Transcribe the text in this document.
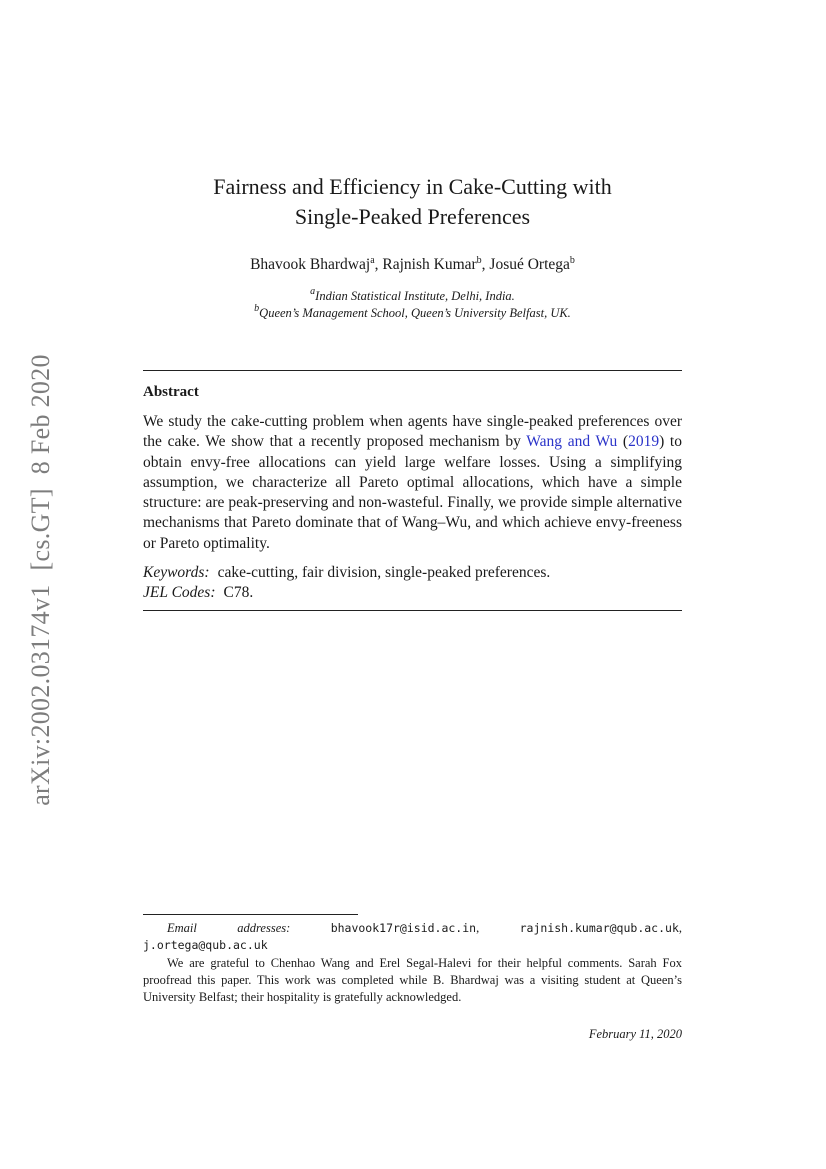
arXiv:2002.03174v1[cs.GT]8 Feb 2020
Fairness and Efficiency in Cake-Cutting with
Single-Peaked Preferences
Bhavook Bhardwaj$^a$, Rajnish Kumar$^b$, Josué Ortega$^b$
$^a$Indian Statistical Institute, Delhi, India.
$^b$Queen’s Management School, Queen’s University Belfast, UK.
Abstract
We study the cake-cutting problem when agents have single-peaked preferences over the cake. We show that a recently proposed mechanism by Wang and Wu (2019) to obtain envy-free allocations can yield large welfare losses. Using a simplifying assumption, we characterize all Pareto optimal allocations, which have a simple structure: are peak-preserving and non-wasteful. Finally, we provide simple alternative mechanisms that Pareto dominate that of Wang–Wu, and which achieve envy-freeness or Pareto optimality.
Keywords: cake-cutting, fair division, single-peaked preferences.
JEL Codes: C78.
Email addresses:	bhavook17r@isid.ac.in, rajnish.kumar@qub.ac.uk, j.ortega@qub.ac.uk
We are grateful to Chenhao Wang and Erel Segal-Halevi for their helpful comments. Sarah Fox proofread this paper. This work was completed while B. Bhardwaj was a visiting student at Queen’s University Belfast; their hospitality is gratefully acknowledged.
February 11, 2020
